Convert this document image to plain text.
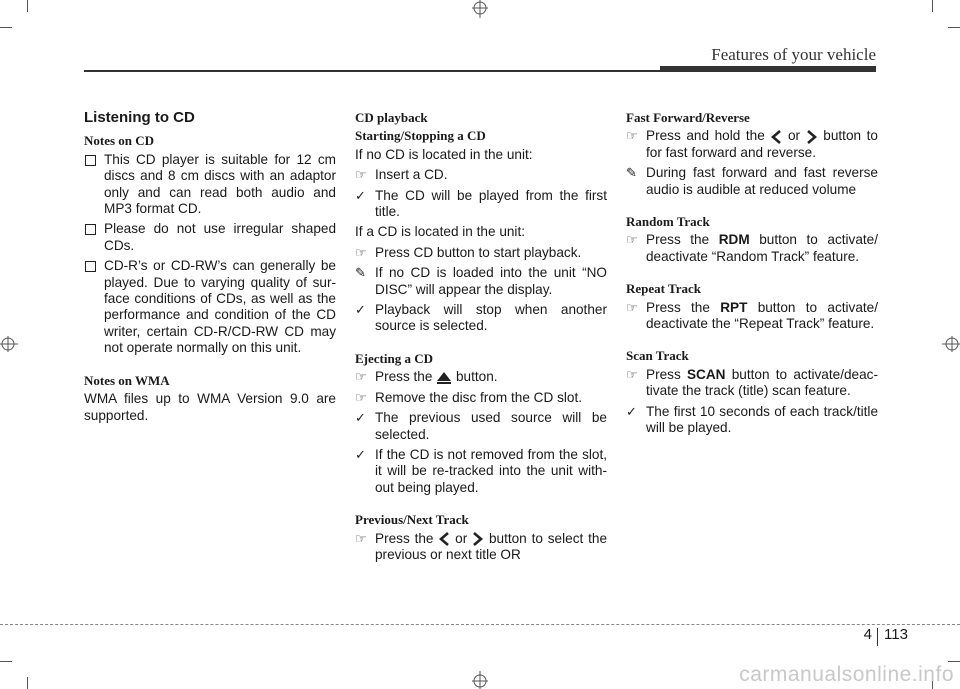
Features of your vehicle
Listening to CD
Notes on CD
This CD player is suitable for 12 cm discs and 8 cm discs with an adaptor only and can read both audio and MP3 format CD.
Please do not use irregular shaped CDs.
CD-R’s or CD-RW’s can generally be played. Due to varying quality of sur-face conditions of CDs, as well as the performance and condition of the CD writer, certain CD-R/CD-RW CD may not operate normally on this unit.
Notes on WMA

WMA files up to WMA Version 9.0 are supported.

CD playback
Starting/Stopping a CD

If no CD is located in the unit:

☞ Insert a CD.
✓ The CD will be played from the first title.

If a CD is located in the unit:

☞ Press CD button to start playback.
✎ If no CD is loaded into the unit “NO DISC” will appear the display.
✓ Playback will stop when another source is selected.
Ejecting a CD
☞ Press the button.
☞ Remove the disc from the CD slot.
✓ The previous used source will be selected.
✓ If the CD is not removed from the slot, it will be re-tracked into the unit with-out being played.
Previous/Next Track
☞ Press the or button to select the previous or next title OR
Fast Forward/Reverse
☞ Press and hold the or button to for fast forward and reverse.
✎ During fast forward and fast reverse audio is audible at reduced volume
Random Track
☞ Press the RDM button to activate/ deactivate “Random Track” feature.
Repeat Track
☞ Press the RPT button to activate/ deactivate the “Repeat Track” feature.
Scan Track
☞ Press SCAN button to activate/deac-tivate the track (title) scan feature.
✓ The first 10 seconds of each track/title will be played.
4 113
carmanualsonline.info
